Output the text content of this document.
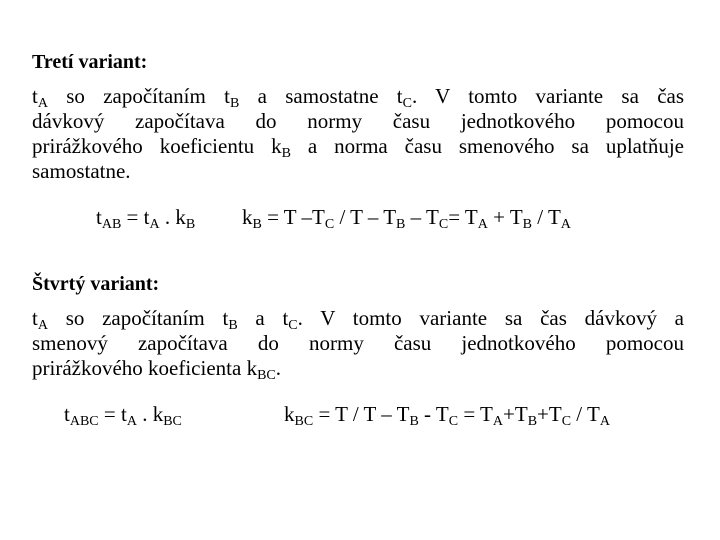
Tretí variant:

$t_A$ so započítaním $t_B$ a samostatne $t_C$. V tomto variante sa čas
dávkový započítava do normy času jednotkového pomocou
prirážkového koeficientu $k_B$ a norma času smenového sa uplatňuje
samostatne.
$t_{AB} = t_A$ . $k_B$ $k_B = T$ $-T_C / T - T_B - T_C= T_A + T_B / T_A$

Štvrtý variant:

$t_A$ so započítaním $t_B$ a $t_C$. V tomto variante sa čas dávkový a
smenový započítava do normy času jednotkového pomocou
prirážkového koeficienta $k_{BC}$.
$t_{ABC} = t_A$ . $k_{BC}$	$k_{BC} = T / T - T_B - T_C = T_A+T_B+T_C / T_A$
